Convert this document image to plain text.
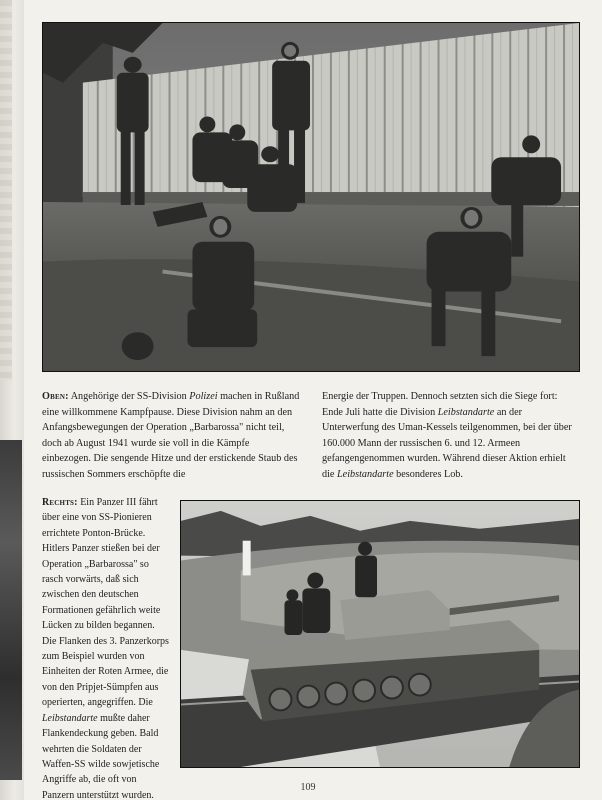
Oben: Angehörige der SS-Division Polizei machen in Rußland eine willkommene Kampfpause. Diese Division nahm an den Anfangsbewegungen der Operation „Barbarossa" nicht teil, doch ab August 1941 wurde sie voll in die Kämpfe einbezogen. Die sengende Hitze und der erstickende Staub des russischen Sommers erschöpfte die

Energie der Truppen. Dennoch setzten sich die Siege fort: Ende Juli hatte die Division Leibstandarte an der Unterwerfung des Uman-Kessels teilgenommen, bei der über 160.000 Mann der russischen 6. und 12. Armeen gefangengenommen wurden. Während dieser Aktion erhielt die Leibstandarte besonderes Lob.

Rechts: Ein Panzer III fährt über eine von SS-Pionieren errichtete Ponton-Brücke. Hitlers Panzer stießen bei der Operation „Barbarossa" so rasch vorwärts, daß sich zwischen den deutschen Formationen gefährlich weite Lücken zu bilden begannen. Die Flanken des 3. Panzerkorps zum Beispiel wurden von Einheiten der Roten Armee, die von den Pripjet-Sümpfen aus operierten, angegriffen. Die Leibstandarte mußte daher Flankendeckung geben. Bald wehrten die Soldaten der Waffen-SS wilde sowjetische Angriffe ab, die oft von Panzern unterstützt wurden.

109
